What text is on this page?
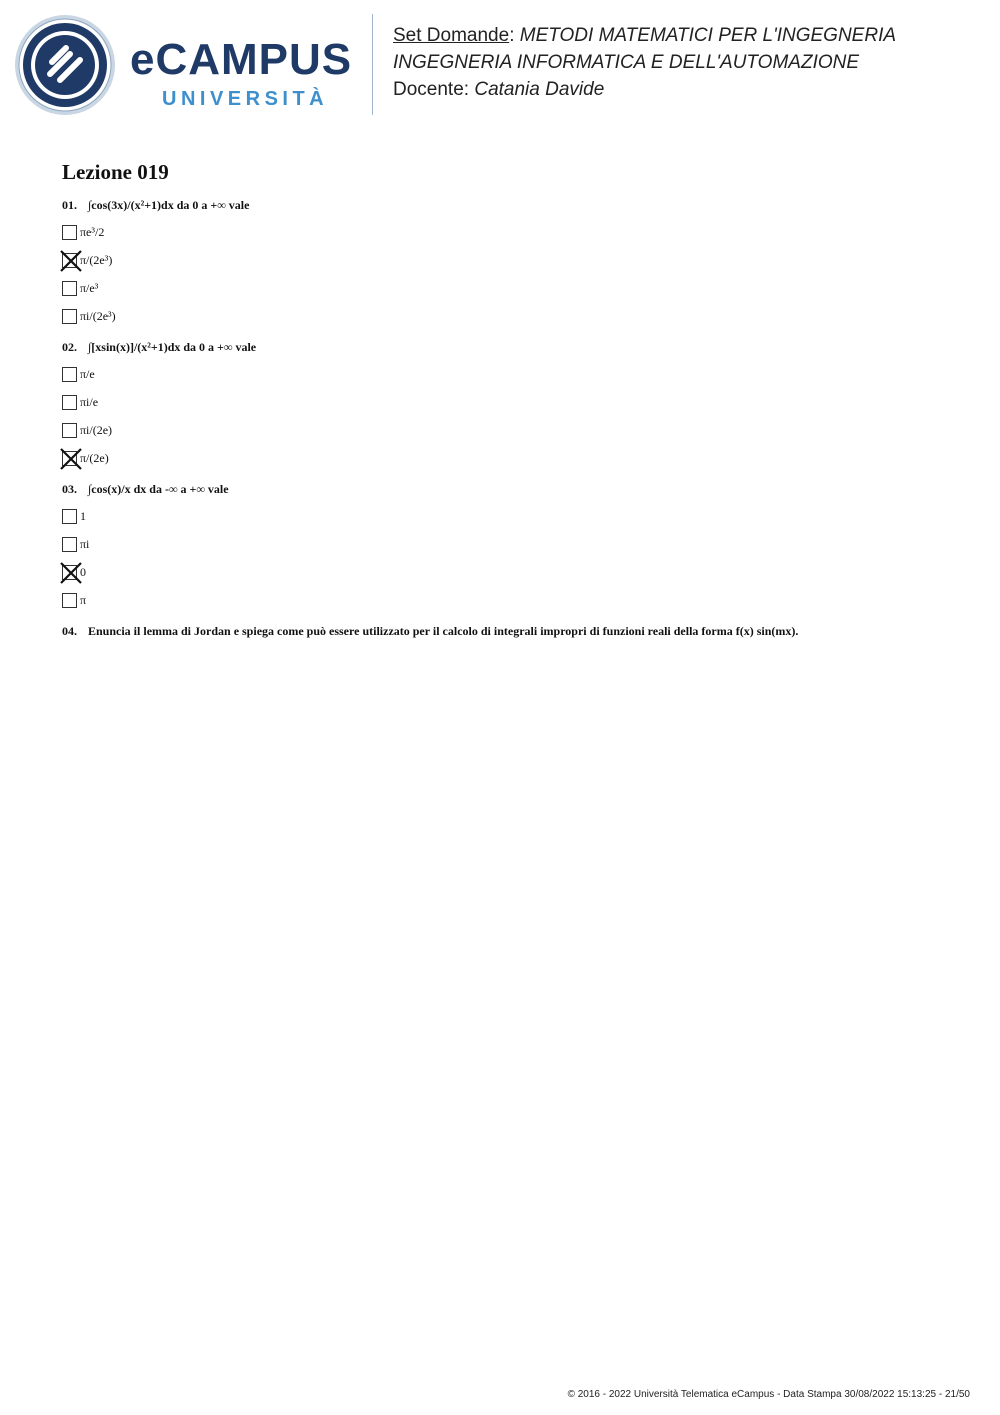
eCAMPUS
UNIVERSITÀ
Set Domande: METODI MATEMATICI PER L'INGEGNERIA
INGEGNERIA INFORMATICA E DELL'AUTOMAZIONE
Docente: Catania Davide
Lezione 019
01. ∫cos(3x)/(x²+1)dx da 0 a +∞ vale
πe³/2
π/(2e³)
π/e³
πi/(2e³)
02. ∫[xsin(x)]/(x²+1)dx da 0 a +∞ vale
π/e
πi/e
πi/(2e)
π/(2e)
03. ∫cos(x)/x dx da -∞ a +∞ vale
1
πi
0
π
04. Enuncia il lemma di Jordan e spiega come può essere utilizzato per il calcolo di integrali impropri di funzioni reali della forma f(x) sin(mx).
© 2016 - 2022 Università Telematica eCampus - Data Stampa 30/08/2022 15:13:25 - 21/50
